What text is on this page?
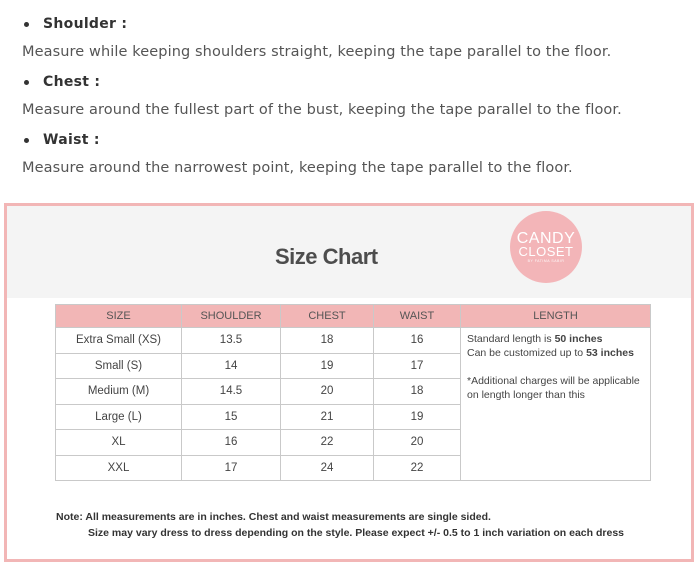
Shoulder :
Measure while keeping shoulders straight, keeping the tape parallel to the floor.
Chest :
Measure around the fullest part of the bust, keeping the tape parallel to the floor.
Waist :
Measure around the narrowest point, keeping the tape parallel to the floor.
Size Chart
CANDY
CLOSET
BY FATIMA SABIR
SIZE	SHOULDER	CHEST	WAIST	LENGTH
Extra Small (XS)	13.5	18	16	Standard length is 50 inches
Can be customized up to 53 inches
*Additional charges will be applicable on length longer than this

Small (S)	14	19	17	
Medium (M)	14.5	20	18	
Large (L)	15	21	19	
XL	16	22	20	
XXL	17	24	22	
Note: All measurements are in inches. Chest and waist measurements are single sided.
Size may vary dress to dress depending on the style. Please expect +/- 0.5 to 1 inch variation on each dress
